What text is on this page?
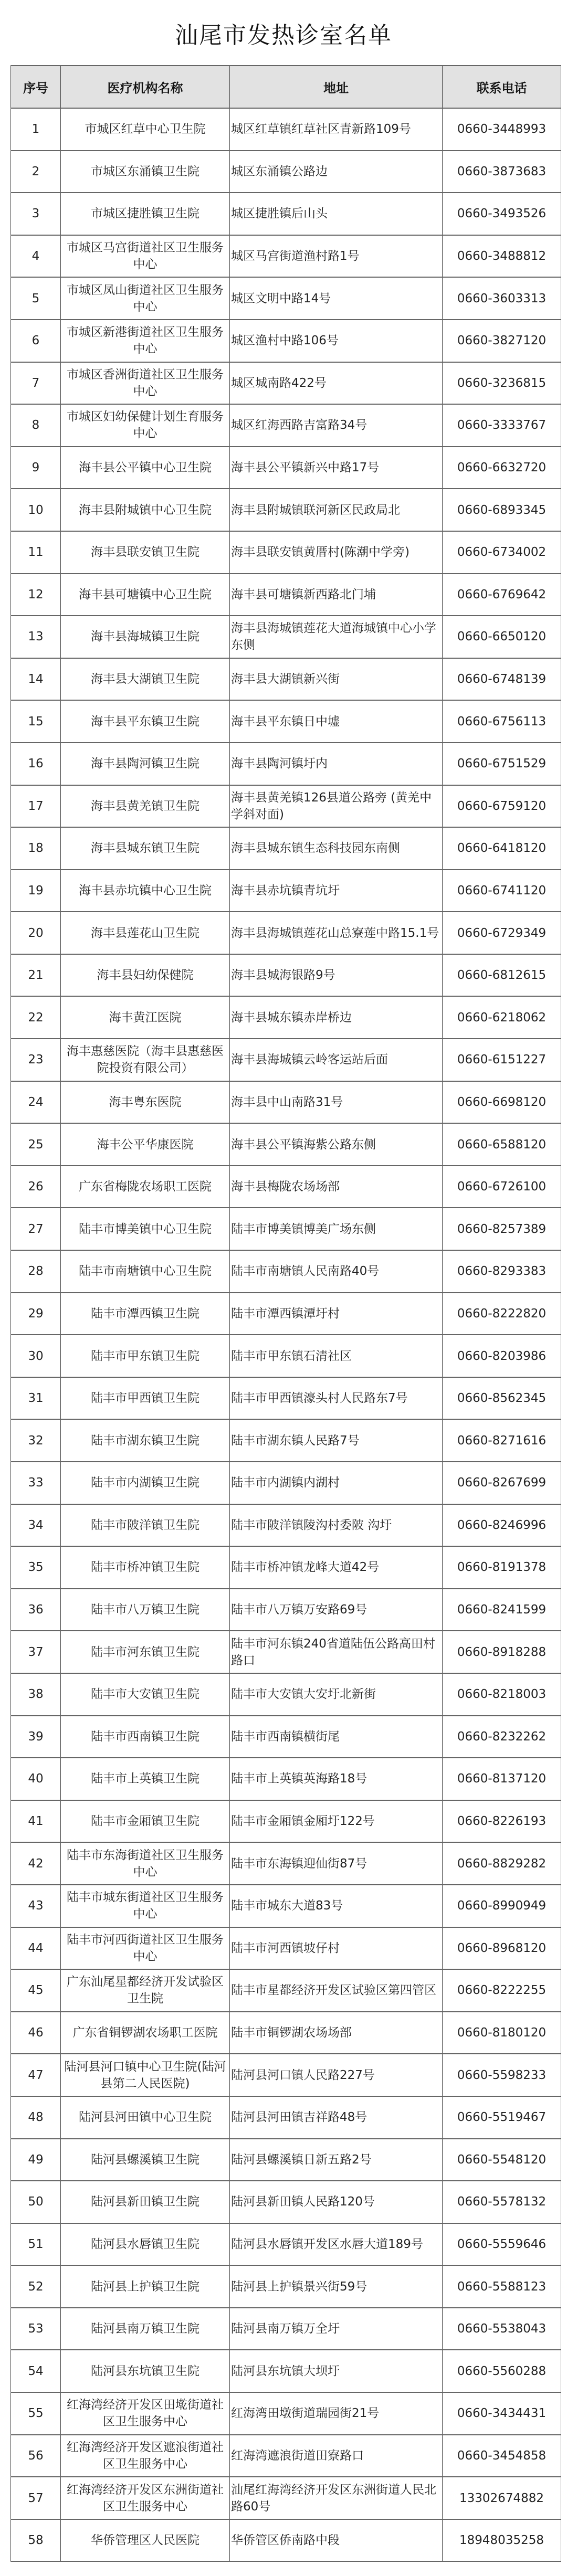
汕尾市发热诊室名单
序号	医疗机构名称	地址	联系电话
1	市城区红草中心卫生院	城区红草镇红草社区青新路109号	0660-3448993
2	市城区东涌镇卫生院	城区东涌镇公路边	0660-3873683
3	市城区捷胜镇卫生院	城区捷胜镇后山头	0660-3493526
4	市城区马宫街道社区卫生服务中心	城区马宫街道渔村路1号	0660-3488812
5	市城区凤山街道社区卫生服务中心	城区文明中路14号	0660-3603313
6	市城区新港街道社区卫生服务中心	城区渔村中路106号	0660-3827120
7	市城区香洲街道社区卫生服务中心	城区城南路422号	0660-3236815
8	市城区妇幼保健计划生育服务中心	城区红海西路吉富路34号	0660-3333767
9	海丰县公平镇中心卫生院	海丰县公平镇新兴中路17号	0660-6632720
10	海丰县附城镇中心卫生院	海丰县附城镇联河新区民政局北	0660-6893345
11	海丰县联安镇卫生院	海丰县联安镇黄厝村(陈潮中学旁)	0660-6734002
12	海丰县可塘镇中心卫生院	海丰县可塘镇新西路北门埔	0660-6769642
13	海丰县海城镇卫生院	海丰县海城镇莲花大道海城镇中心小学东侧	0660-6650120
14	海丰县大湖镇卫生院	海丰县大湖镇新兴街	0660-6748139
15	海丰县平东镇卫生院	海丰县平东镇日中墟	0660-6756113
16	海丰县陶河镇卫生院	海丰县陶河镇圩内	0660-6751529
17	海丰县黄羌镇卫生院	海丰县黄羌镇126县道公路旁 (黄羌中学斜对面)	0660-6759120
18	海丰县城东镇卫生院	海丰县城东镇生态科技园东南侧	0660-6418120
19	海丰县赤坑镇中心卫生院	海丰县赤坑镇青坑圩	0660-6741120
20	海丰县莲花山卫生院	海丰县海城镇莲花山总寮莲中路15.1号	0660-6729349
21	海丰县妇幼保健院	海丰县城海银路9号	0660-6812615
22	海丰黄江医院	海丰县城东镇赤岸桥边	0660-6218062
23	海丰惠慈医院（海丰县惠慈医院投资有限公司）	海丰县海城镇云岭客运站后面	0660-6151227
24	海丰粤东医院	海丰县中山南路31号	0660-6698120
25	海丰公平华康医院	海丰县公平镇海紫公路东侧	0660-6588120
26	广东省梅陇农场职工医院	海丰县梅陇农场场部	0660-6726100
27	陆丰市博美镇中心卫生院	陆丰市博美镇博美广场东侧	0660-8257389
28	陆丰市南塘镇中心卫生院	陆丰市南塘镇人民南路40号	0660-8293383
29	陆丰市潭西镇卫生院	陆丰市潭西镇潭圩村	0660-8222820
30	陆丰市甲东镇卫生院	陆丰市甲东镇石清社区	0660-8203986
31	陆丰市甲西镇卫生院	陆丰市甲西镇濠头村人民路东7号	0660-8562345
32	陆丰市湖东镇卫生院	陆丰市湖东镇人民路7号	0660-8271616
33	陆丰市内湖镇卫生院	陆丰市内湖镇内湖村	0660-8267699
34	陆丰市陂洋镇卫生院	陆丰市陂洋镇陵沟村委陂 沟圩	0660-8246996
35	陆丰市桥冲镇卫生院	陆丰市桥冲镇龙峰大道42号	0660-8191378
36	陆丰市八万镇卫生院	陆丰市八万镇万安路69号	0660-8241599
37	陆丰市河东镇卫生院	陆丰市河东镇240省道陆伍公路高田村路口	0660-8918288
38	陆丰市大安镇卫生院	陆丰市大安镇大安圩北新街	0660-8218003
39	陆丰市西南镇卫生院	陆丰市西南镇横街尾	0660-8232262
40	陆丰市上英镇卫生院	陆丰市上英镇英海路18号	0660-8137120
41	陆丰市金厢镇卫生院	陆丰市金厢镇金厢圩122号	0660-8226193
42	陆丰市东海街道社区卫生服务中心	陆丰市东海镇迎仙街87号	0660-8829282
43	陆丰市城东街道社区卫生服务中心	陆丰市城东大道83号	0660-8990949
44	陆丰市河西街道社区卫生服务中心	陆丰市河西镇坡仔村	0660-8968120
45	广东汕尾星都经济开发试验区卫生院	陆丰市星都经济开发区试验区第四管区	0660-8222255
46	广东省铜锣湖农场职工医院	陆丰市铜锣湖农场场部	0660-8180120
47	陆河县河口镇中心卫生院(陆河县第二人民医院)	陆河县河口镇人民路227号	0660-5598233
48	陆河县河田镇中心卫生院	陆河县河田镇吉祥路48号	0660-5519467
49	陆河县螺溪镇卫生院	陆河县螺溪镇日新五路2号	0660-5548120
50	陆河县新田镇卫生院	陆河县新田镇人民路120号	0660-5578132
51	陆河县水唇镇卫生院	陆河县水唇镇开发区水唇大道189号	0660-5559646
52	陆河县上护镇卫生院	陆河县上护镇景兴街59号	0660-5588123
53	陆河县南万镇卫生院	陆河县南万镇万全圩	0660-5538043
54	陆河县东坑镇卫生院	陆河县东坑镇大坝圩	0660-5560288
55	红海湾经济开发区田墘街道社区卫生服务中心	红海湾田墩街道瑞园街21号	0660-3434431
56	红海湾经济开发区遮浪街道社区卫生服务中心	红海湾遮浪街道田寮路口	0660-3454858
57	红海湾经济开发区东洲街道社区卫生服务中心	汕尾红海湾经济开发区东洲街道人民北路60号	13302674882
58	华侨管理区人民医院	华侨管区侨南路中段	18948035258
